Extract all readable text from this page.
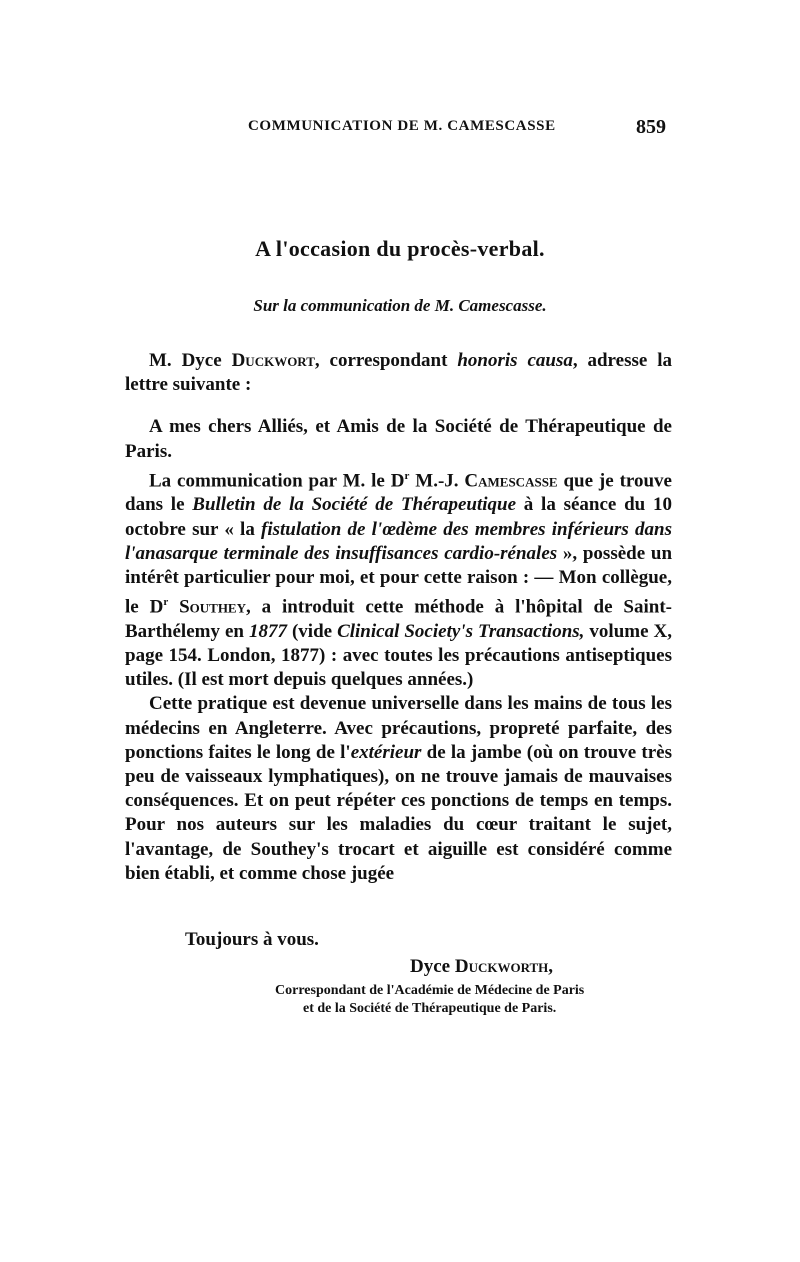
COMMUNICATION DE M. CAMESCASSE	859
A l'occasion du procès-verbal.
Sur la communication de M. Camescasse.

M. Dyce Duckwort, correspondant honoris causa, adresse la lettre suivante :

A mes chers Alliés, et Amis de la Société de Thérapeutique de Paris.

La communication par M. le $D^r$ M.-J. Camescasse que je trouve dans le Bulletin de la Société de Thérapeutique à la séance du 10 octobre sur « la fistulation de l'œdème des membres inférieurs dans l'anasarque terminale des insuffisances cardio-rénales », possède un intérêt particulier pour moi, et pour cette raison : — Mon collègue, le $D^r$ Southey, a introduit cette méthode à l'hôpital de Saint-Barthélemy en 1877 (vide Clinical Society's Transactions, volume X, page 154. London, 1877) : avec toutes les précautions antiseptiques utiles. (Il est mort depuis quelques années.)

Cette pratique est devenue universelle dans les mains de tous les médecins en Angleterre. Avec précautions, propreté parfaite, des ponctions faites le long de l'extérieur de la jambe (où on trouve très peu de vaisseaux lymphatiques), on ne trouve jamais de mauvaises conséquences. Et on peut répéter ces ponctions de temps en temps. Pour nos auteurs sur les maladies du cœur traitant le sujet, l'avantage, de Southey's trocart et aiguille est considéré comme bien établi, et comme chose jugée

Toujours à vous.
Dyce Duckworth,
Correspondant de l'Académie de Médecine de Paris
et de la Société de Thérapeutique de Paris.
